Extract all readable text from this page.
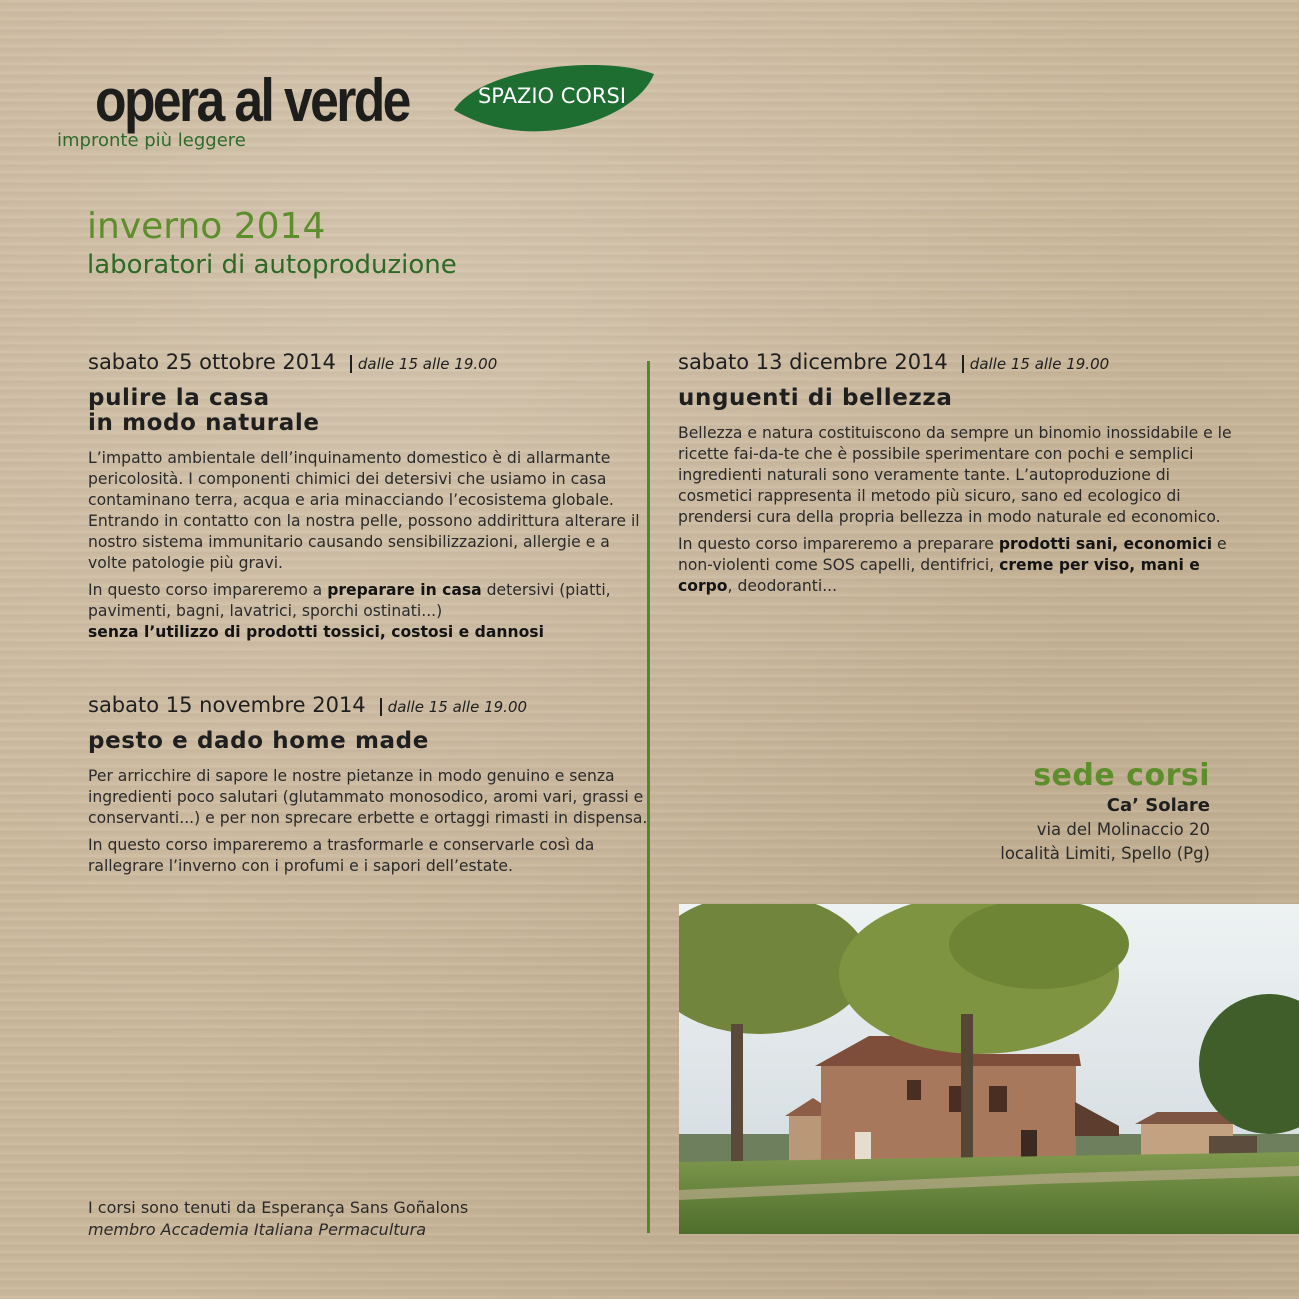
opera al verde
impronte più leggere
SPAZIO CORSI
inverno 2014
laboratori di autoproduzione
sabato 25 ottobre 2014 dalle 15 alle 19.00
pulire la casa
in modo naturale

L’impatto ambientale dell’inquinamento domestico è di allarmante pericolosità. I componenti chimici dei detersivi che usiamo in casa contaminano terra, acqua e aria minacciando l’ecosistema globale. Entrando in contatto con la nostra pelle, possono addirittura alterare il nostro sistema immunitario causando sensibilizzazioni, allergie e a volte patologie più gravi.

In questo corso impareremo a preparare in casa detersivi (piatti, pavimenti, bagni, lavatrici, sporchi ostinati...)
senza l’utilizzo di prodotti tossici, costosi e dannosi

sabato 15 novembre 2014 dalle 15 alle 19.00
pesto e dado home made

Per arricchire di sapore le nostre pietanze in modo genuino e senza ingredienti poco salutari (glutammato monosodico, aromi vari, grassi e conservanti...) e per non sprecare erbette e ortaggi rimasti in dispensa.

In questo corso impareremo a trasformarle e conservarle così da rallegrare l’inverno con i profumi e i sapori dell’estate.

sabato 13 dicembre 2014 dalle 15 alle 19.00
unguenti di bellezza

Bellezza e natura costituiscono da sempre un binomio inossidabile e le ricette fai-da-te che è possibile sperimentare con pochi e semplici ingredienti naturali sono veramente tante. L’autoproduzione di cosmetici rappresenta il metodo più sicuro, sano ed ecologico di prendersi cura della propria bellezza in modo naturale ed economico.

In questo corso impareremo a preparare prodotti sani, economici e non-violenti come SOS capelli, dentifrici, creme per viso, mani e corpo, deodoranti...

sede corsi
Ca’ Solare
via del Molinaccio 20
località Limiti, Spello (Pg)
I corsi sono tenuti da Esperança Sans Goñalons
membro Accademia Italiana Permacultura
